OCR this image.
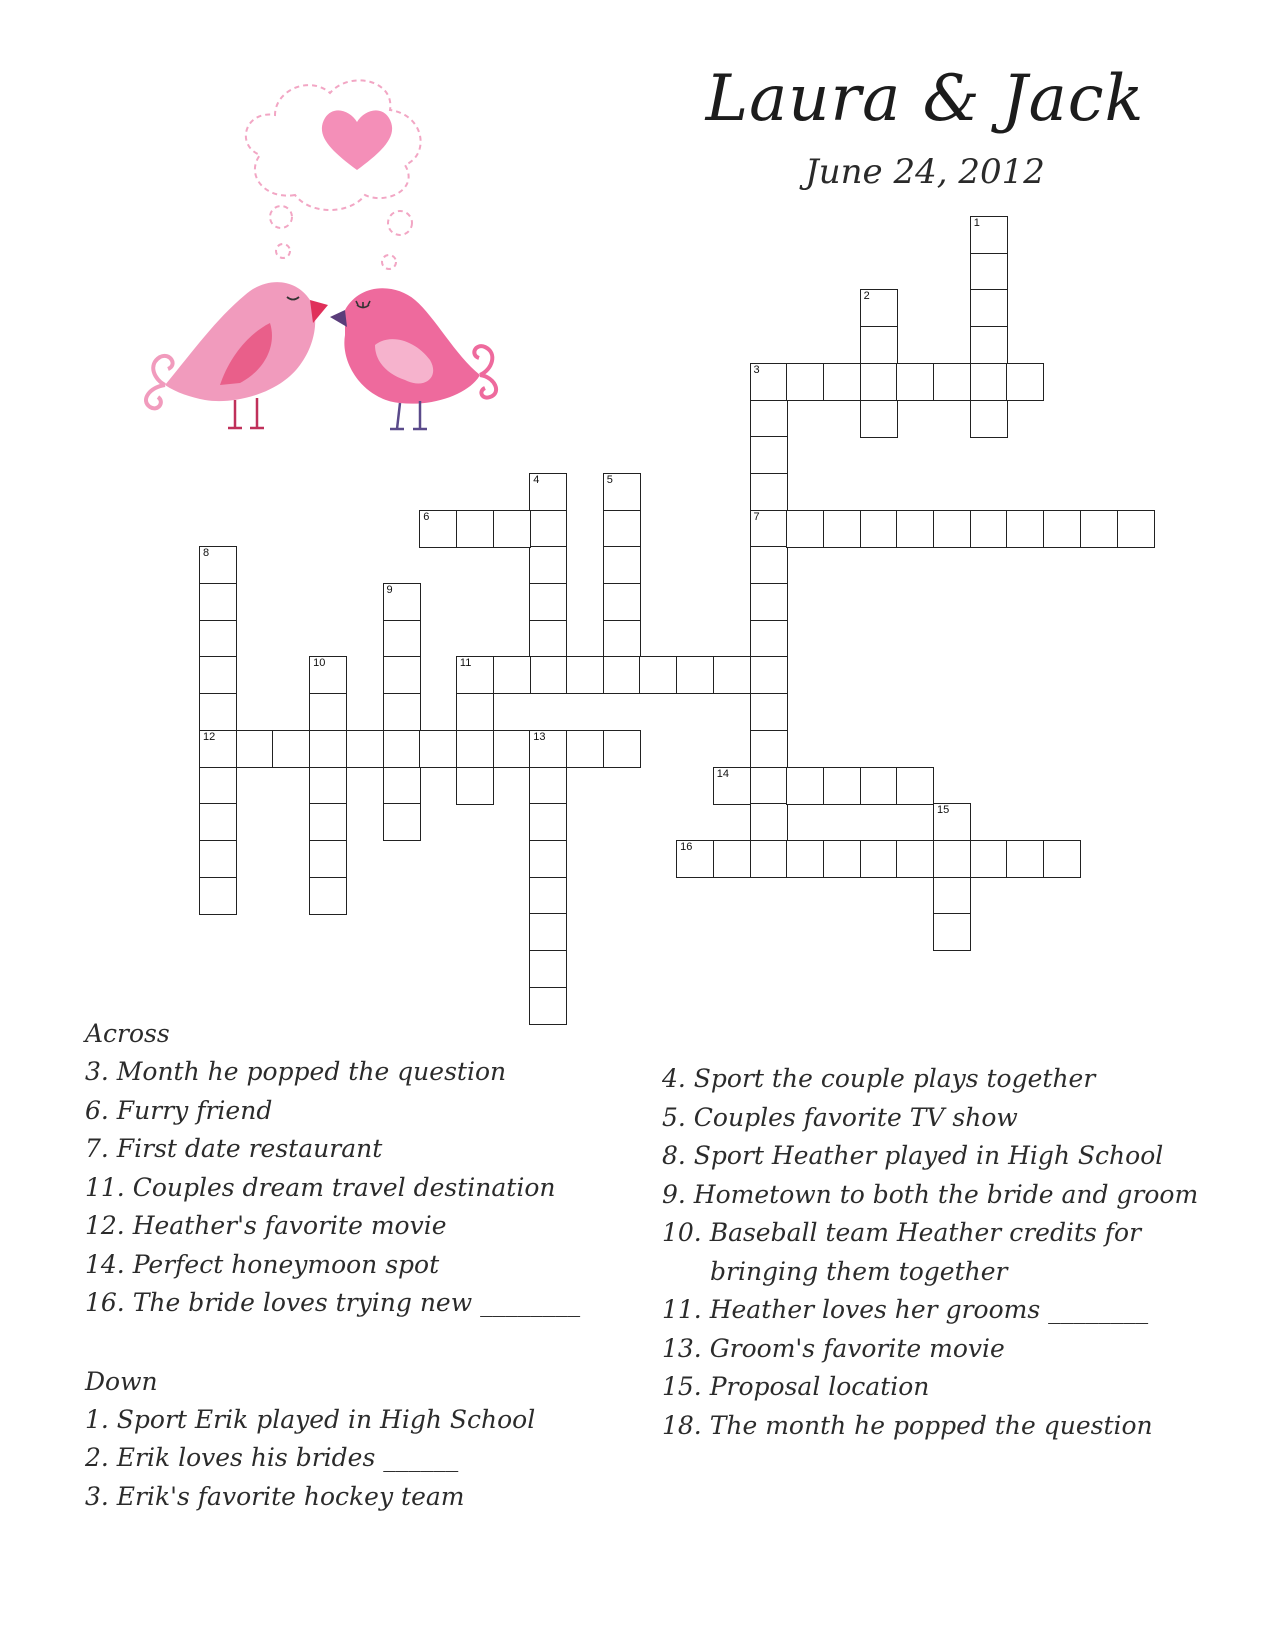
Laura & Jack
June 24, 2012
1
2
3
7
4	5
6
8
12
9
10	11
13
14
15
16
Across
3. Month he popped the question
6. Furry friend
7. First date restaurant
11. Couples dream travel destination
12. Heather's favorite movie
14. Perfect honeymoon spot
16. The bride loves trying new ________
Down
1. Sport Erik played in High School
2. Erik loves his brides ______
3. Erik's favorite hockey team
4. Sport the couple plays together
5. Couples favorite TV show
8. Sport Heather played in High School
9. Hometown to both the bride and groom
10. Baseball team Heather credits for
bringing them together
11. Heather loves her grooms ________
13. Groom's favorite movie
15. Proposal location
18. The month he popped the question
